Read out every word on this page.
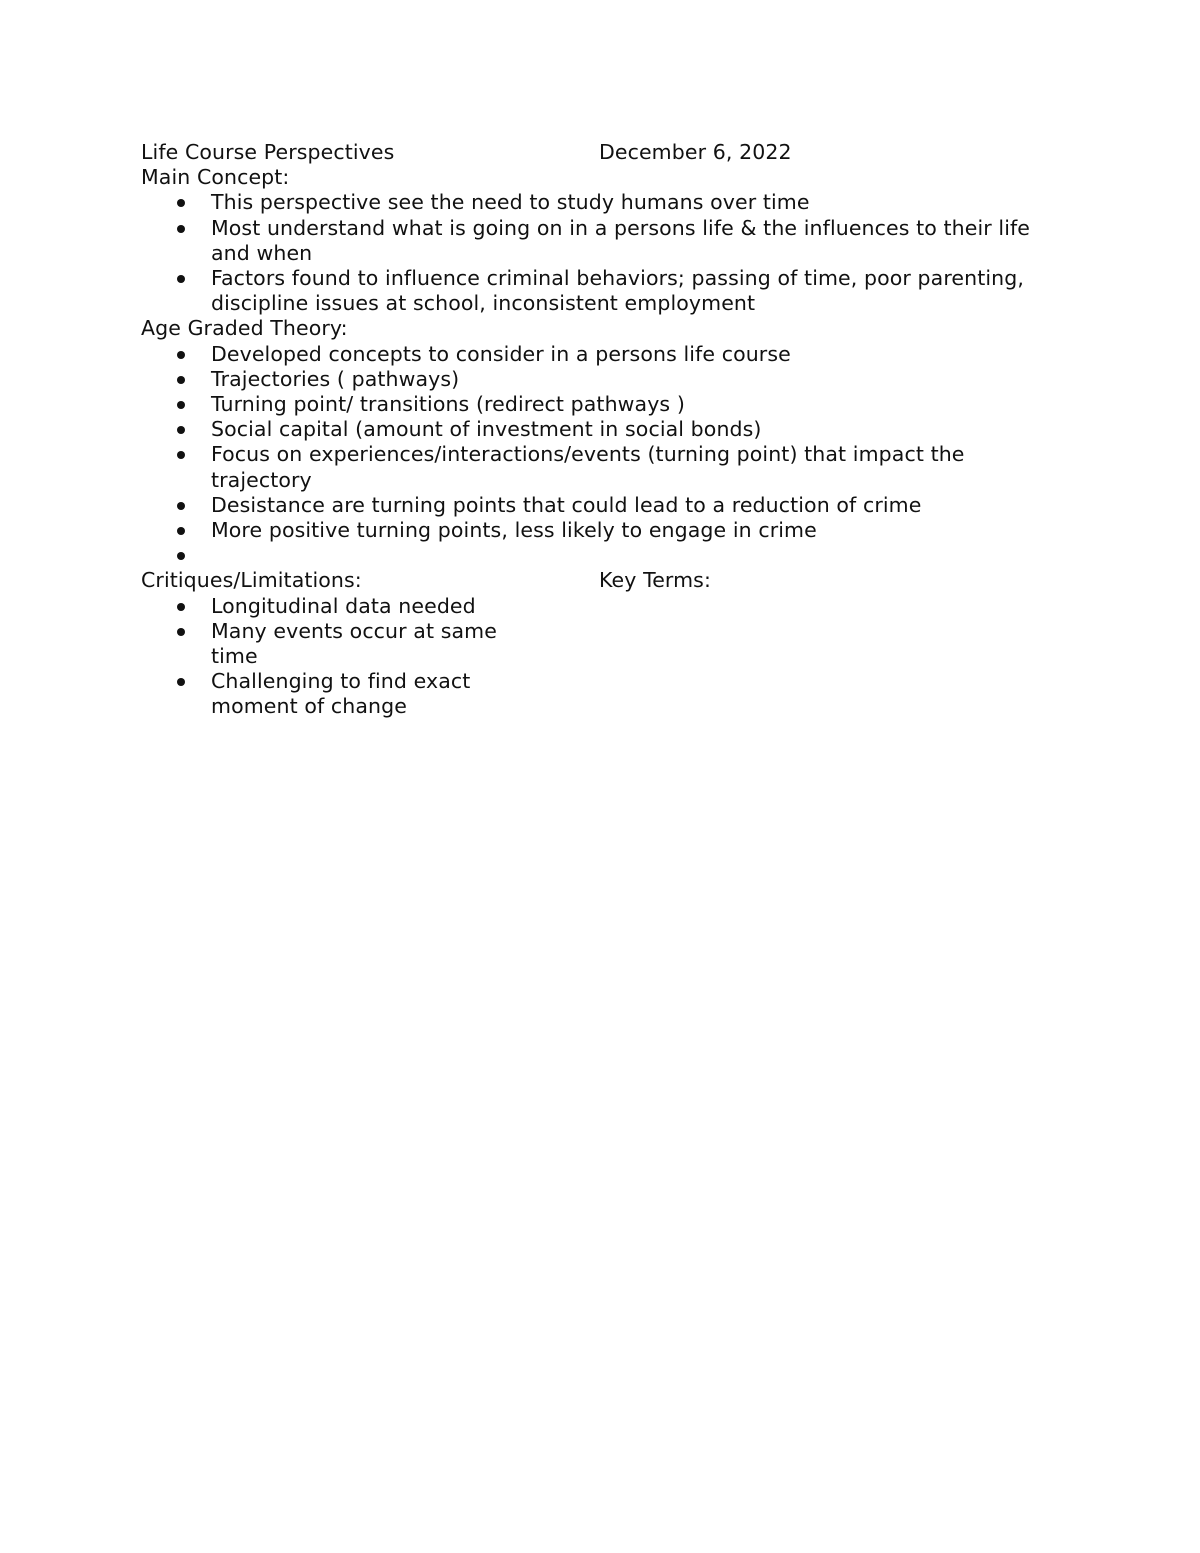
Life Course Perspectives	December 6, 2022
Main Concept:
This perspective see the need to study humans over time
Most understand what is going on in a persons life & the influences to their life and when
Factors found to influence criminal behaviors; passing of time, poor parenting, discipline issues at school, inconsistent employment
Age Graded Theory:
Developed concepts to consider in a persons life course
Trajectories ( pathways)
Turning point/ transitions (redirect pathways )
Social capital (amount of investment in social bonds)
Focus on experiences/interactions/events (turning point) that impact the trajectory
Desistance are turning points that could lead to a reduction of crime
More positive turning points, less likely to engage in crime
Critiques/Limitations:
Longitudinal data needed
Many events occur at same time
Challenging to find exact moment of change
Key Terms:
